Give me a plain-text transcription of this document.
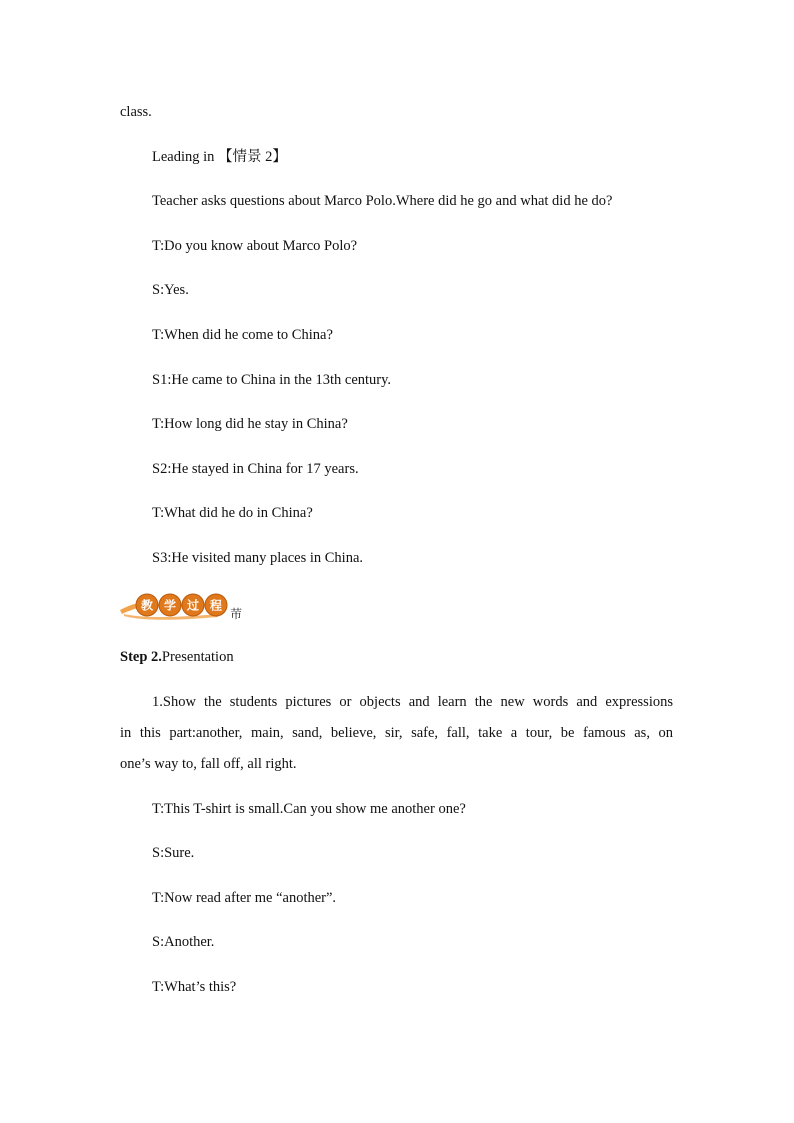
class.
Leading in 【情景 2】
Teacher asks questions about Marco Polo.Where did he go and what did he do?
T:Do you know about Marco Polo?
S:Yes.
T:When did he come to China?
S1:He came to China in the 13th century.
T:How long did he stay in China?
S2:He stayed in China for 17 years.
T:What did he do in China?
S3:He visited many places in China.
教 学 过 程
䒥
Step 2.Presentation
1.Show the students pictures or objects and learn the new words and expressions
in this part:another, main, sand, believe, sir, safe, fall, take a tour, be famous as, on
one’s way to, fall off, all right.
T:This T-shirt is small.Can you show me another one?
S:Sure.
T:Now read after me “another”.
S:Another.
T:What’s this?
